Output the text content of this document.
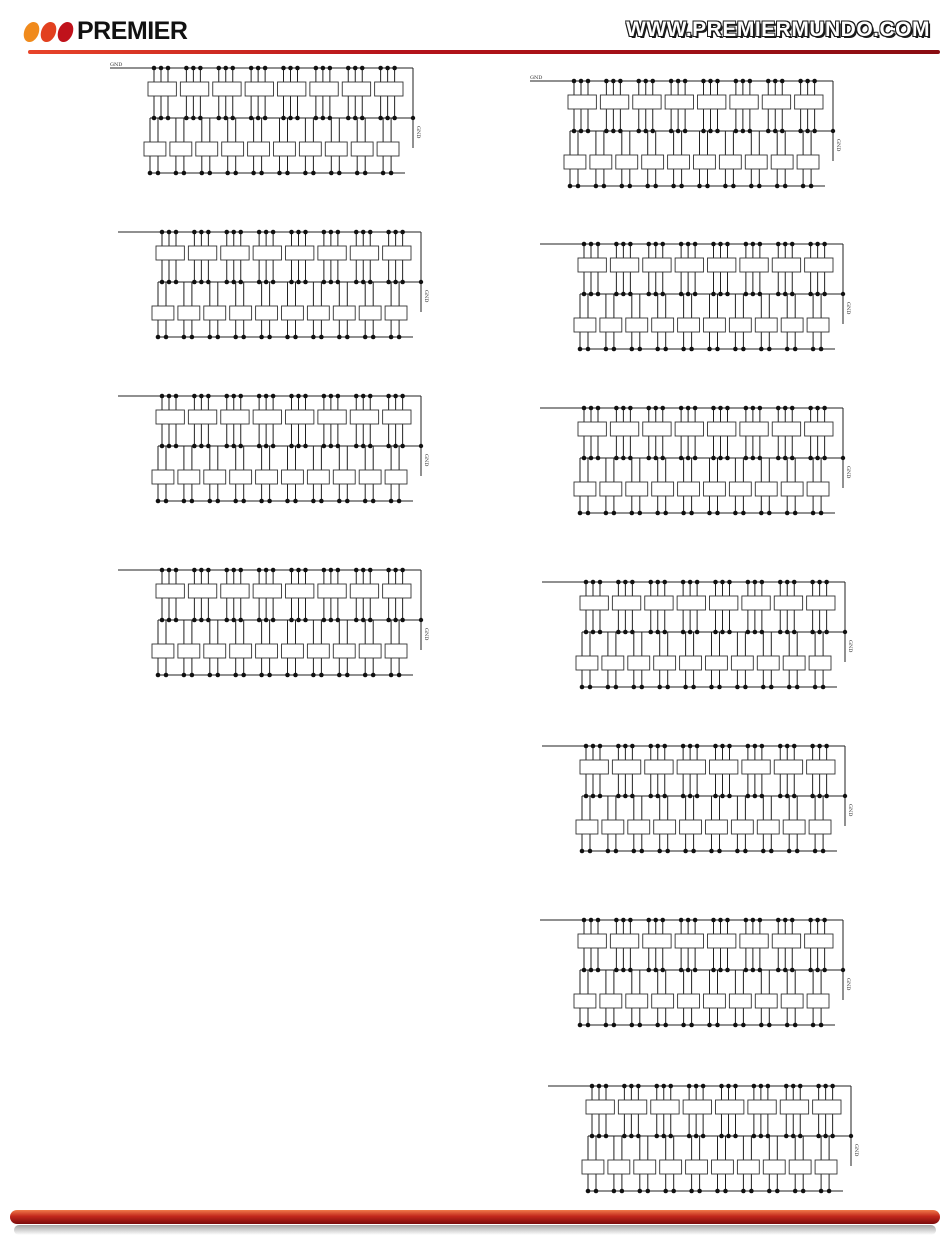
PREMIER	WWW.PREMIERMUNDO.COM
GND
GND
GND
GND
GND
GND
GND
GND
GND
GND
GND
GND
GND
